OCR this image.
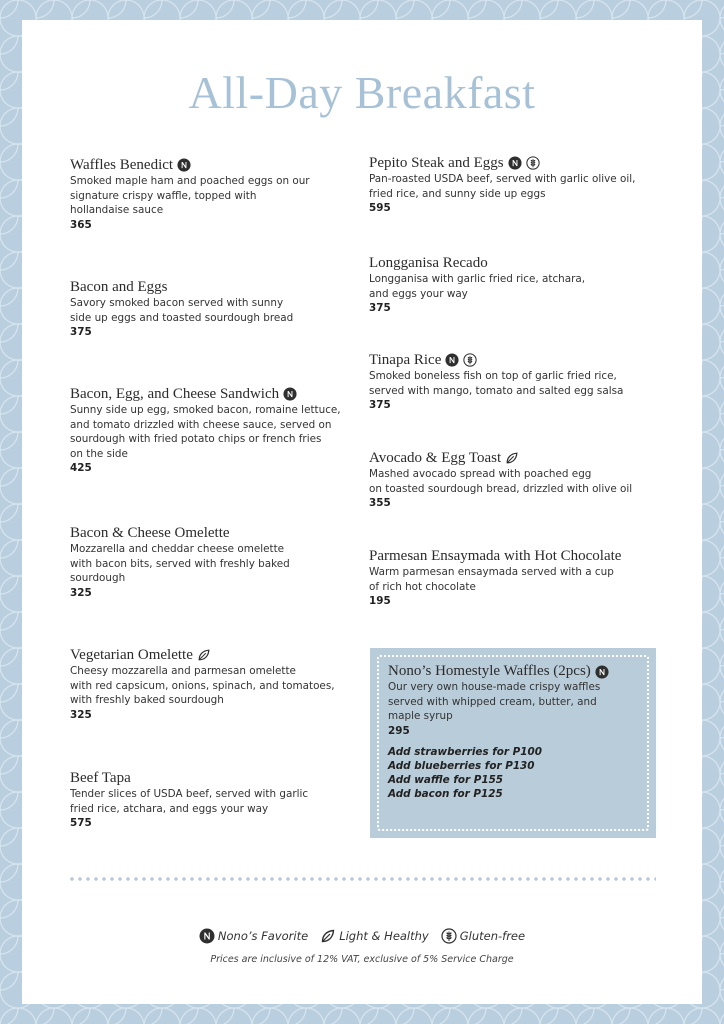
All-Day Breakfast
Waffles Benedict
Smoked maple ham and poached eggs on our
signature crispy waffle, topped with
hollandaise sauce
365
Bacon and Eggs
Savory smoked bacon served with sunny
side up eggs and toasted sourdough bread
375
Bacon, Egg, and Cheese Sandwich
Sunny side up egg, smoked bacon, romaine lettuce,
and tomato drizzled with cheese sauce, served on
sourdough with fried potato chips or french fries
on the side
425
Bacon & Cheese Omelette
Mozzarella and cheddar cheese omelette
with bacon bits, served with freshly baked
sourdough
325
Vegetarian Omelette
Cheesy mozzarella and parmesan omelette
with red capsicum, onions, spinach, and tomatoes,
with freshly baked sourdough
325
Beef Tapa
Tender slices of USDA beef, served with garlic
fried rice, atchara, and eggs your way
575
Pepito Steak and Eggs
Pan-roasted USDA beef, served with garlic olive oil,
fried rice, and sunny side up eggs
595
Longganisa Recado
Longganisa with garlic fried rice, atchara,
and eggs your way
375
Tinapa Rice
Smoked boneless fish on top of garlic fried rice,
served with mango, tomato and salted egg salsa
375
Avocado & Egg Toast
Mashed avocado spread with poached egg
on toasted sourdough bread, drizzled with olive oil
355
Parmesan Ensaymada with Hot Chocolate
Warm parmesan ensaymada served with a cup
of rich hot chocolate
195
Nono’s Homestyle Waffles (2pcs)
Our very own house-made crispy waffles
served with whipped cream, butter, and
maple syrup
295
Add strawberries for P100
Add blueberries for P130
Add waffle for P155
Add bacon for P125
Nono’s Favorite	Light & Healthy	Gluten-free
Prices are inclusive of 12% VAT, exclusive of 5% Service Charge
